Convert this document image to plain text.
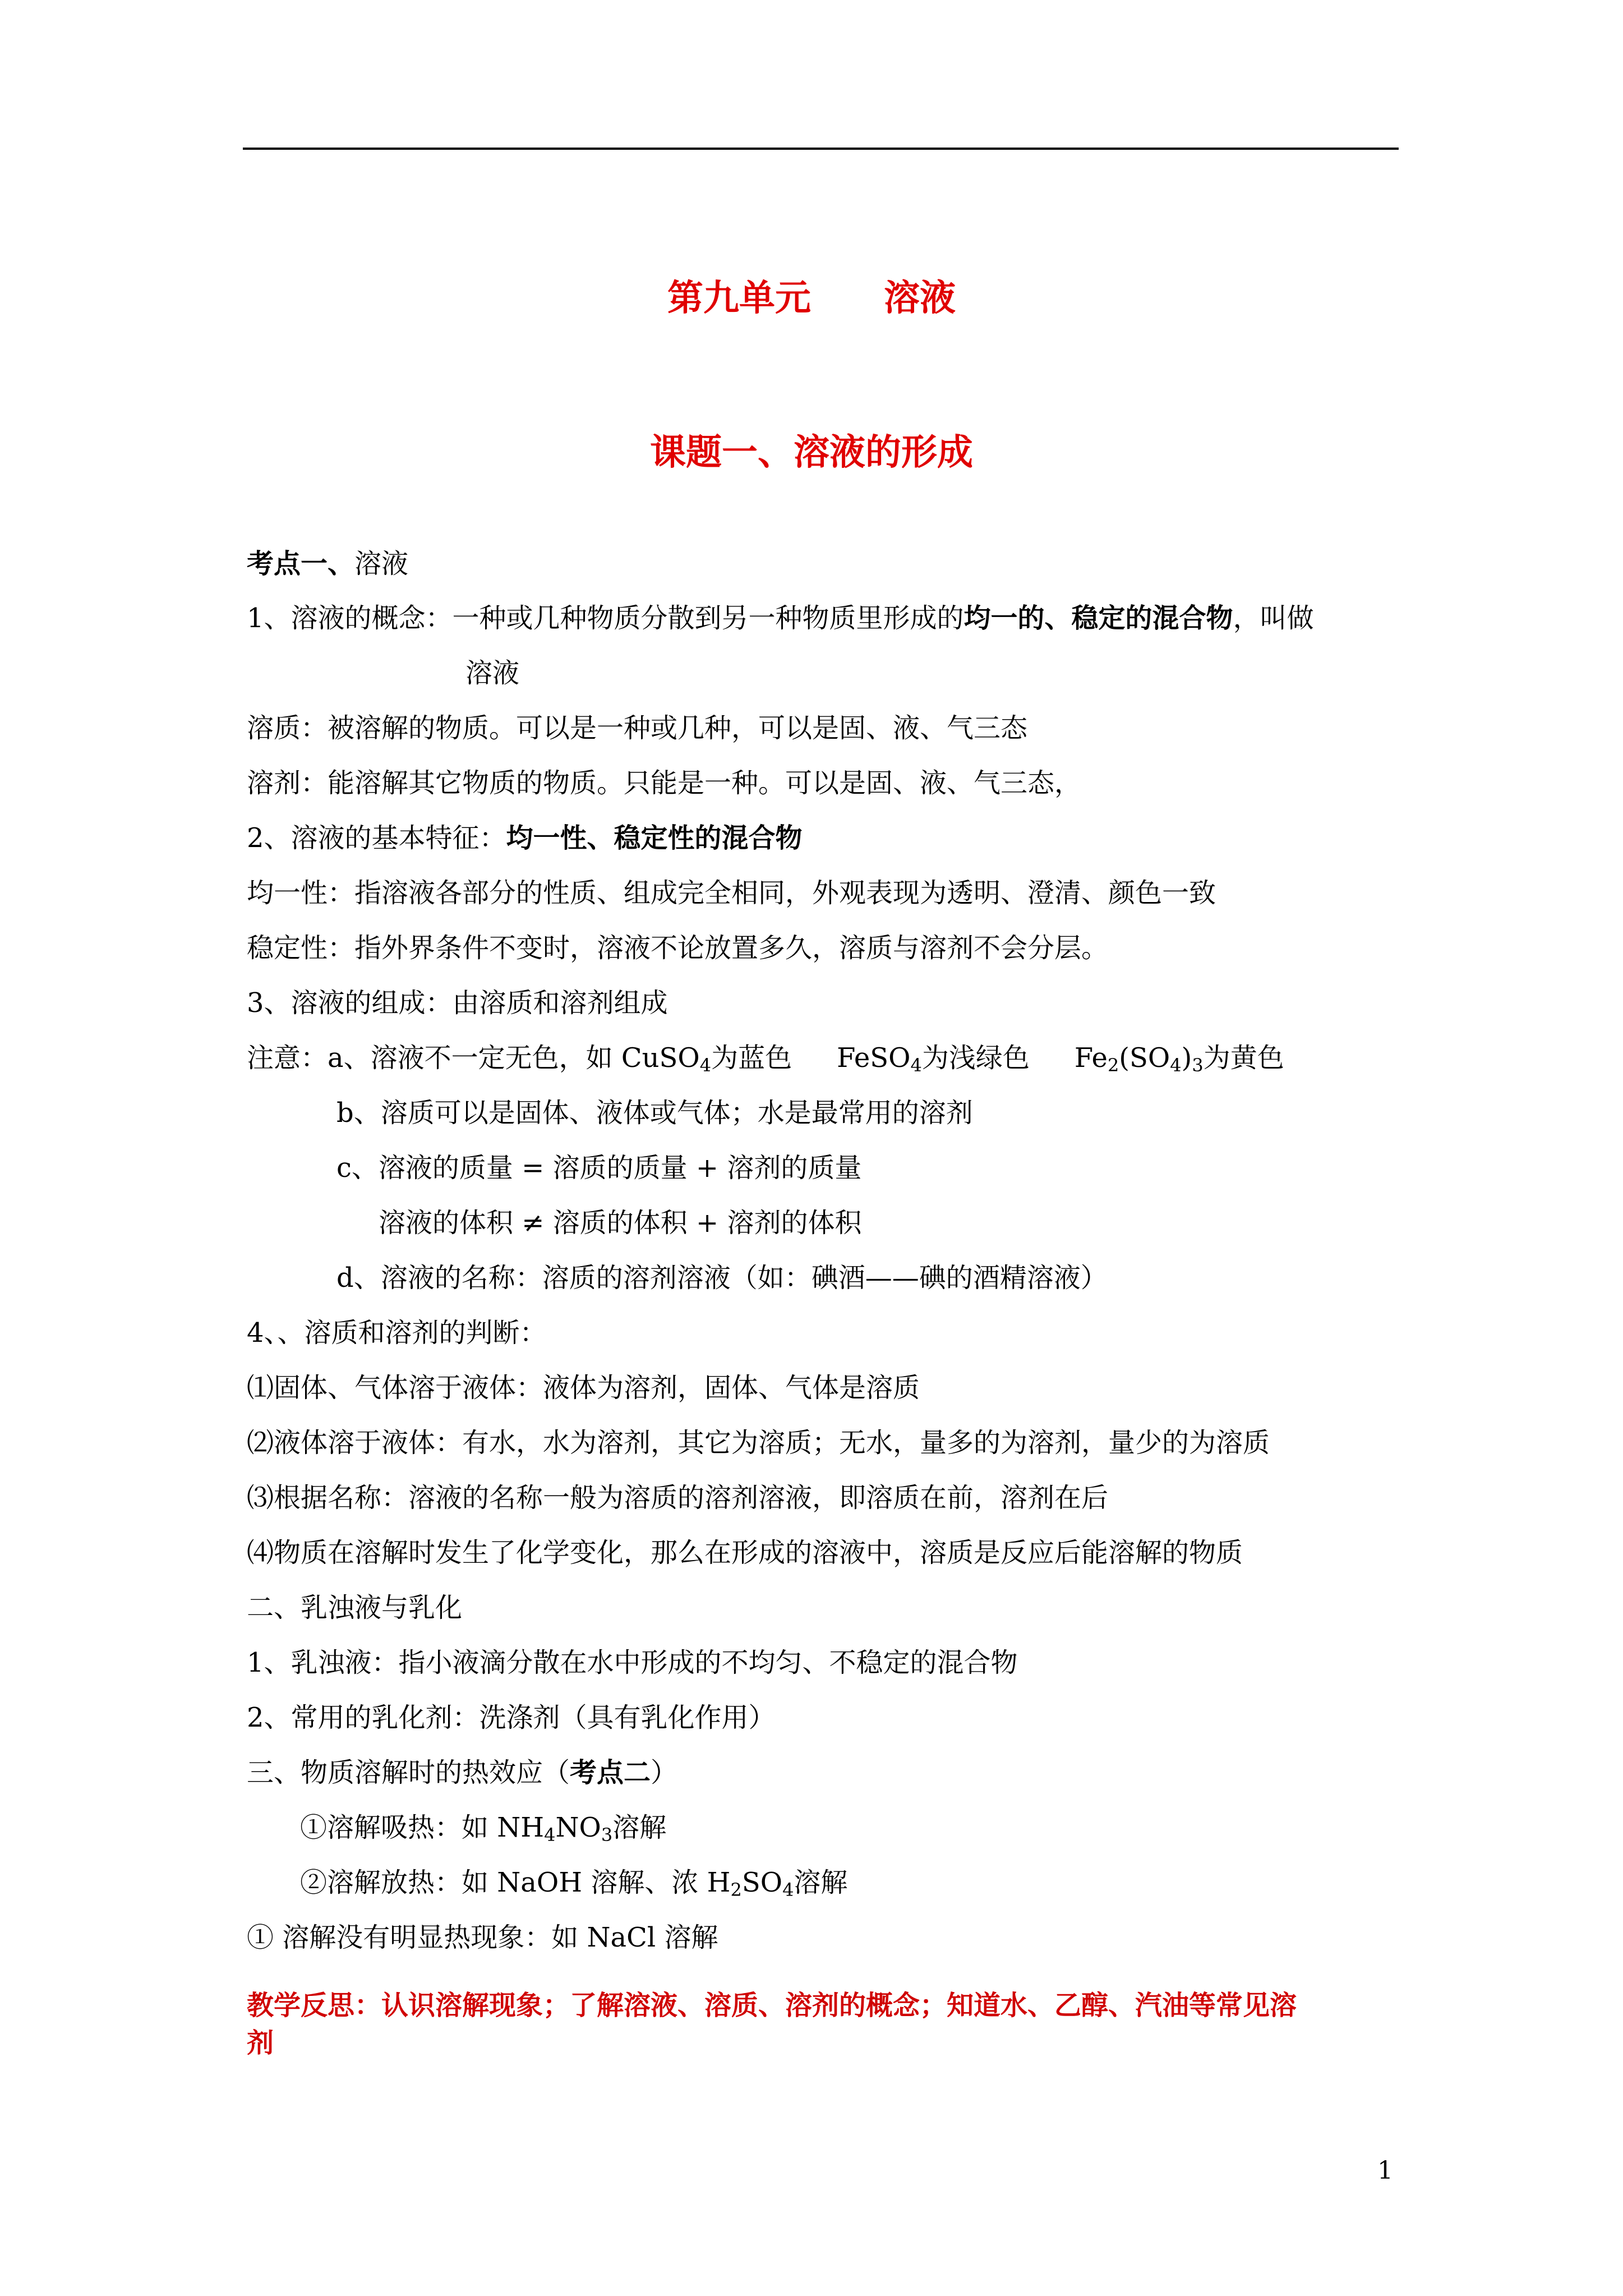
第九单元 溶液
课题一、溶液的形成
考点一、溶液
1、溶液的概念：一种或几种物质分散到另一种物质里形成的均一的、稳定的混合物，叫做
溶液
溶质：被溶解的物质。可以是一种或几种，可以是固、液、气三态
溶剂：能溶解其它物质的物质。只能是一种。可以是固、液、气三态，
2、溶液的基本特征：均一性、稳定性的混合物
均一性：指溶液各部分的性质、组成完全相同，外观表现为透明、澄清、颜色一致
稳定性：指外界条件不变时，溶液不论放置多久，溶质与溶剂不会分层。
3、溶液的组成：由溶质和溶剂组成
注意：a、溶液不一定无色，如 CuSO$_4$为蓝色 FeSO$_4$为浅绿色 $Fe_2(SO_4)_3$为黄色
b、溶质可以是固体、液体或气体；水是最常用的溶剂
c、溶液的质量 = 溶质的质量 + 溶剂的质量
溶液的体积 ≠ 溶质的体积 + 溶剂的体积
d、溶液的名称：溶质的溶剂溶液（如：碘酒——碘的酒精溶液）
4、、溶质和溶剂的判断：
⑴固体、气体溶于液体：液体为溶剂，固体、气体是溶质
⑵液体溶于液体：有水，水为溶剂，其它为溶质；无水，量多的为溶剂，量少的为溶质
⑶根据名称：溶液的名称一般为溶质的溶剂溶液，即溶质在前，溶剂在后
⑷物质在溶解时发生了化学变化，那么在形成的溶液中，溶质是反应后能溶解的物质
二、乳浊液与乳化
1、乳浊液：指小液滴分散在水中形成的不均匀、不稳定的混合物
2、常用的乳化剂：洗涤剂（具有乳化作用）
三、物质溶解时的热效应（考点二）
①溶解吸热：如 $NH_4NO_3$溶解
②溶解放热：如 NaOH 溶解、浓 $H_2SO_4$溶解
① 溶解没有明显热现象：如 NaCl 溶解
教学反思：认识溶解现象；了解溶液、溶质、溶剂的概念；知道水、乙醇、汽油等常见溶
剂
1
